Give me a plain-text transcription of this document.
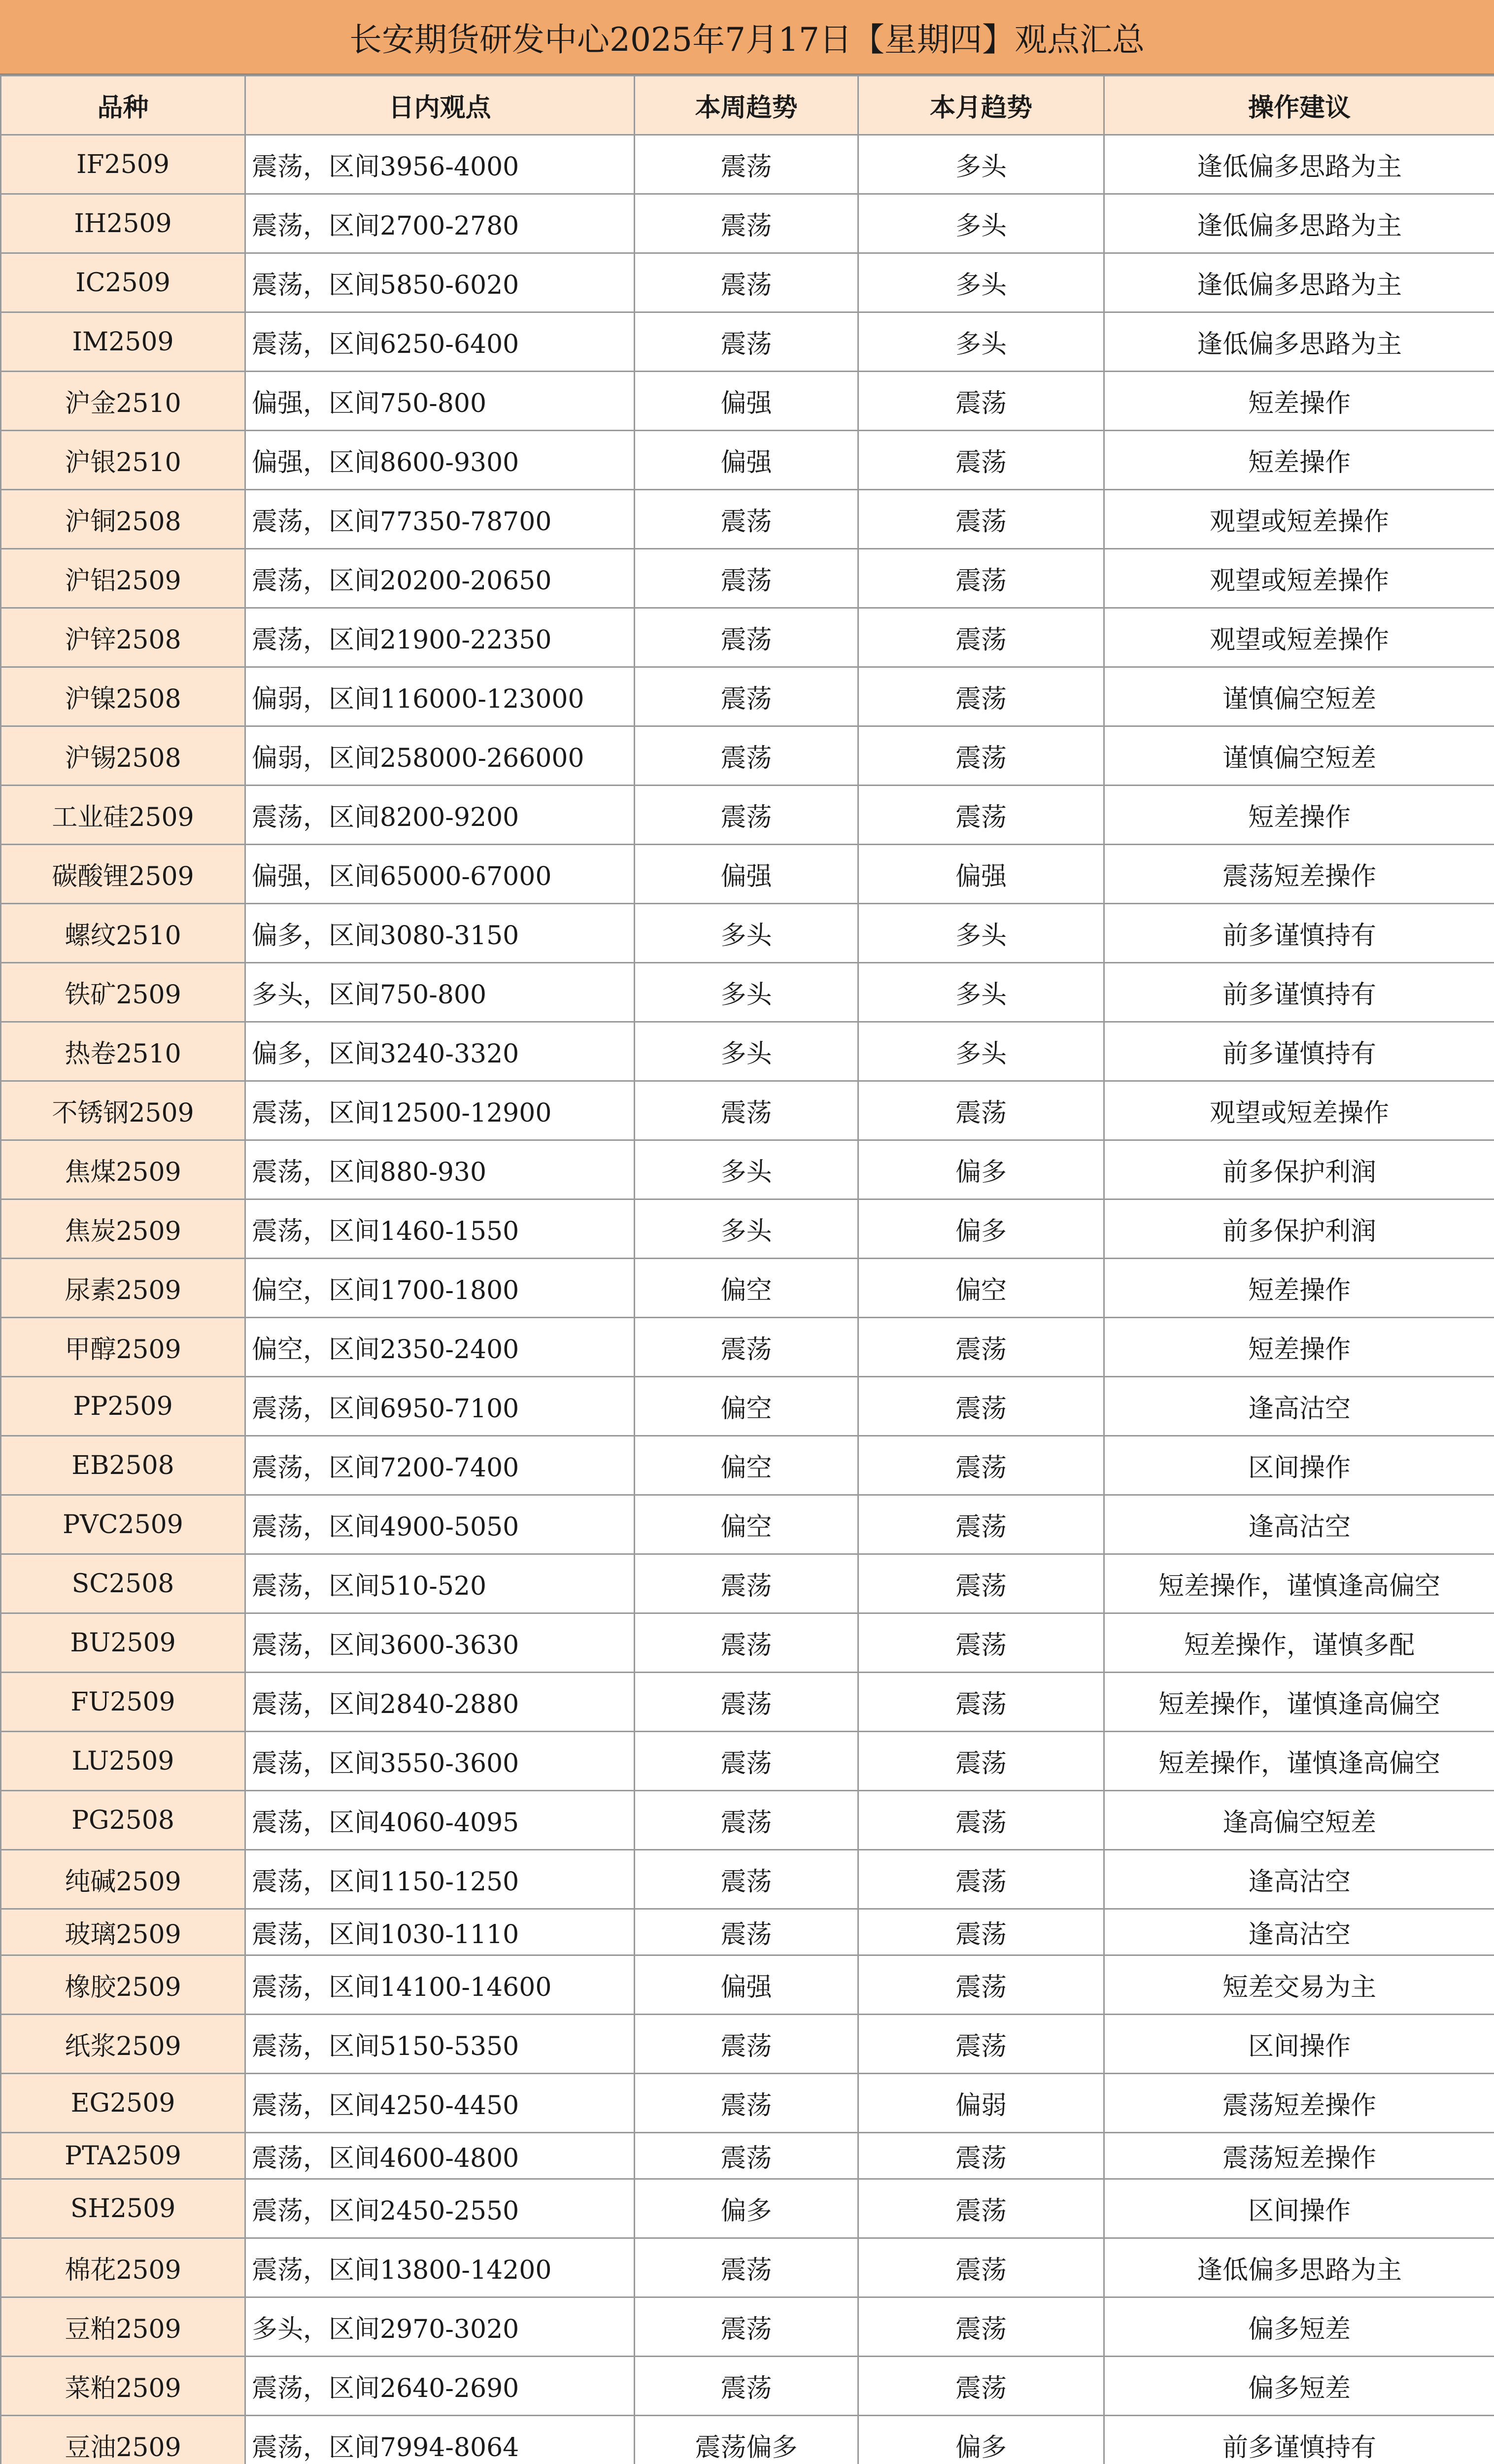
长安期货研发中心2025年7月17日【星期四】观点汇总
品种	日内观点	本周趋势	本月趋势	操作建议
IF2509	震荡，区间3956-4000	震荡	多头	逢低偏多思路为主
IH2509	震荡，区间2700-2780	震荡	多头	逢低偏多思路为主
IC2509	震荡，区间5850-6020	震荡	多头	逢低偏多思路为主
IM2509	震荡，区间6250-6400	震荡	多头	逢低偏多思路为主
沪金2510	偏强，区间750-800	偏强	震荡	短差操作
沪银2510	偏强，区间8600-9300	偏强	震荡	短差操作
沪铜2508	震荡，区间77350-78700	震荡	震荡	观望或短差操作
沪铝2509	震荡，区间20200-20650	震荡	震荡	观望或短差操作
沪锌2508	震荡，区间21900-22350	震荡	震荡	观望或短差操作
沪镍2508	偏弱，区间116000-123000	震荡	震荡	谨慎偏空短差
沪锡2508	偏弱，区间258000-266000	震荡	震荡	谨慎偏空短差
工业硅2509	震荡，区间8200-9200	震荡	震荡	短差操作
碳酸锂2509	偏强，区间65000-67000	偏强	偏强	震荡短差操作
螺纹2510	偏多，区间3080-3150	多头	多头	前多谨慎持有
铁矿2509	多头，区间750-800	多头	多头	前多谨慎持有
热卷2510	偏多，区间3240-3320	多头	多头	前多谨慎持有
不锈钢2509	震荡，区间12500-12900	震荡	震荡	观望或短差操作
焦煤2509	震荡，区间880-930	多头	偏多	前多保护利润
焦炭2509	震荡，区间1460-1550	多头	偏多	前多保护利润
尿素2509	偏空，区间1700-1800	偏空	偏空	短差操作
甲醇2509	偏空，区间2350-2400	震荡	震荡	短差操作
PP2509	震荡，区间6950-7100	偏空	震荡	逢高沽空
EB2508	震荡，区间7200-7400	偏空	震荡	区间操作
PVC2509	震荡，区间4900-5050	偏空	震荡	逢高沽空
SC2508	震荡，区间510-520	震荡	震荡	短差操作，谨慎逢高偏空
BU2509	震荡，区间3600-3630	震荡	震荡	短差操作，谨慎多配
FU2509	震荡，区间2840-2880	震荡	震荡	短差操作，谨慎逢高偏空
LU2509	震荡，区间3550-3600	震荡	震荡	短差操作，谨慎逢高偏空
PG2508	震荡，区间4060-4095	震荡	震荡	逢高偏空短差
纯碱2509	震荡，区间1150-1250	震荡	震荡	逢高沽空
玻璃2509	震荡，区间1030-1110	震荡	震荡	逢高沽空
橡胶2509	震荡，区间14100-14600	偏强	震荡	短差交易为主
纸浆2509	震荡，区间5150-5350	震荡	震荡	区间操作
EG2509	震荡，区间4250-4450	震荡	偏弱	震荡短差操作
PTA2509	震荡，区间4600-4800	震荡	震荡	震荡短差操作
SH2509	震荡，区间2450-2550	偏多	震荡	区间操作
棉花2509	震荡，区间13800-14200	震荡	震荡	逢低偏多思路为主
豆粕2509	多头，区间2970-3020	震荡	震荡	偏多短差
菜粕2509	震荡，区间2640-2690	震荡	震荡	偏多短差
豆油2509	震荡，区间7994-8064	震荡偏多	偏多	前多谨慎持有
